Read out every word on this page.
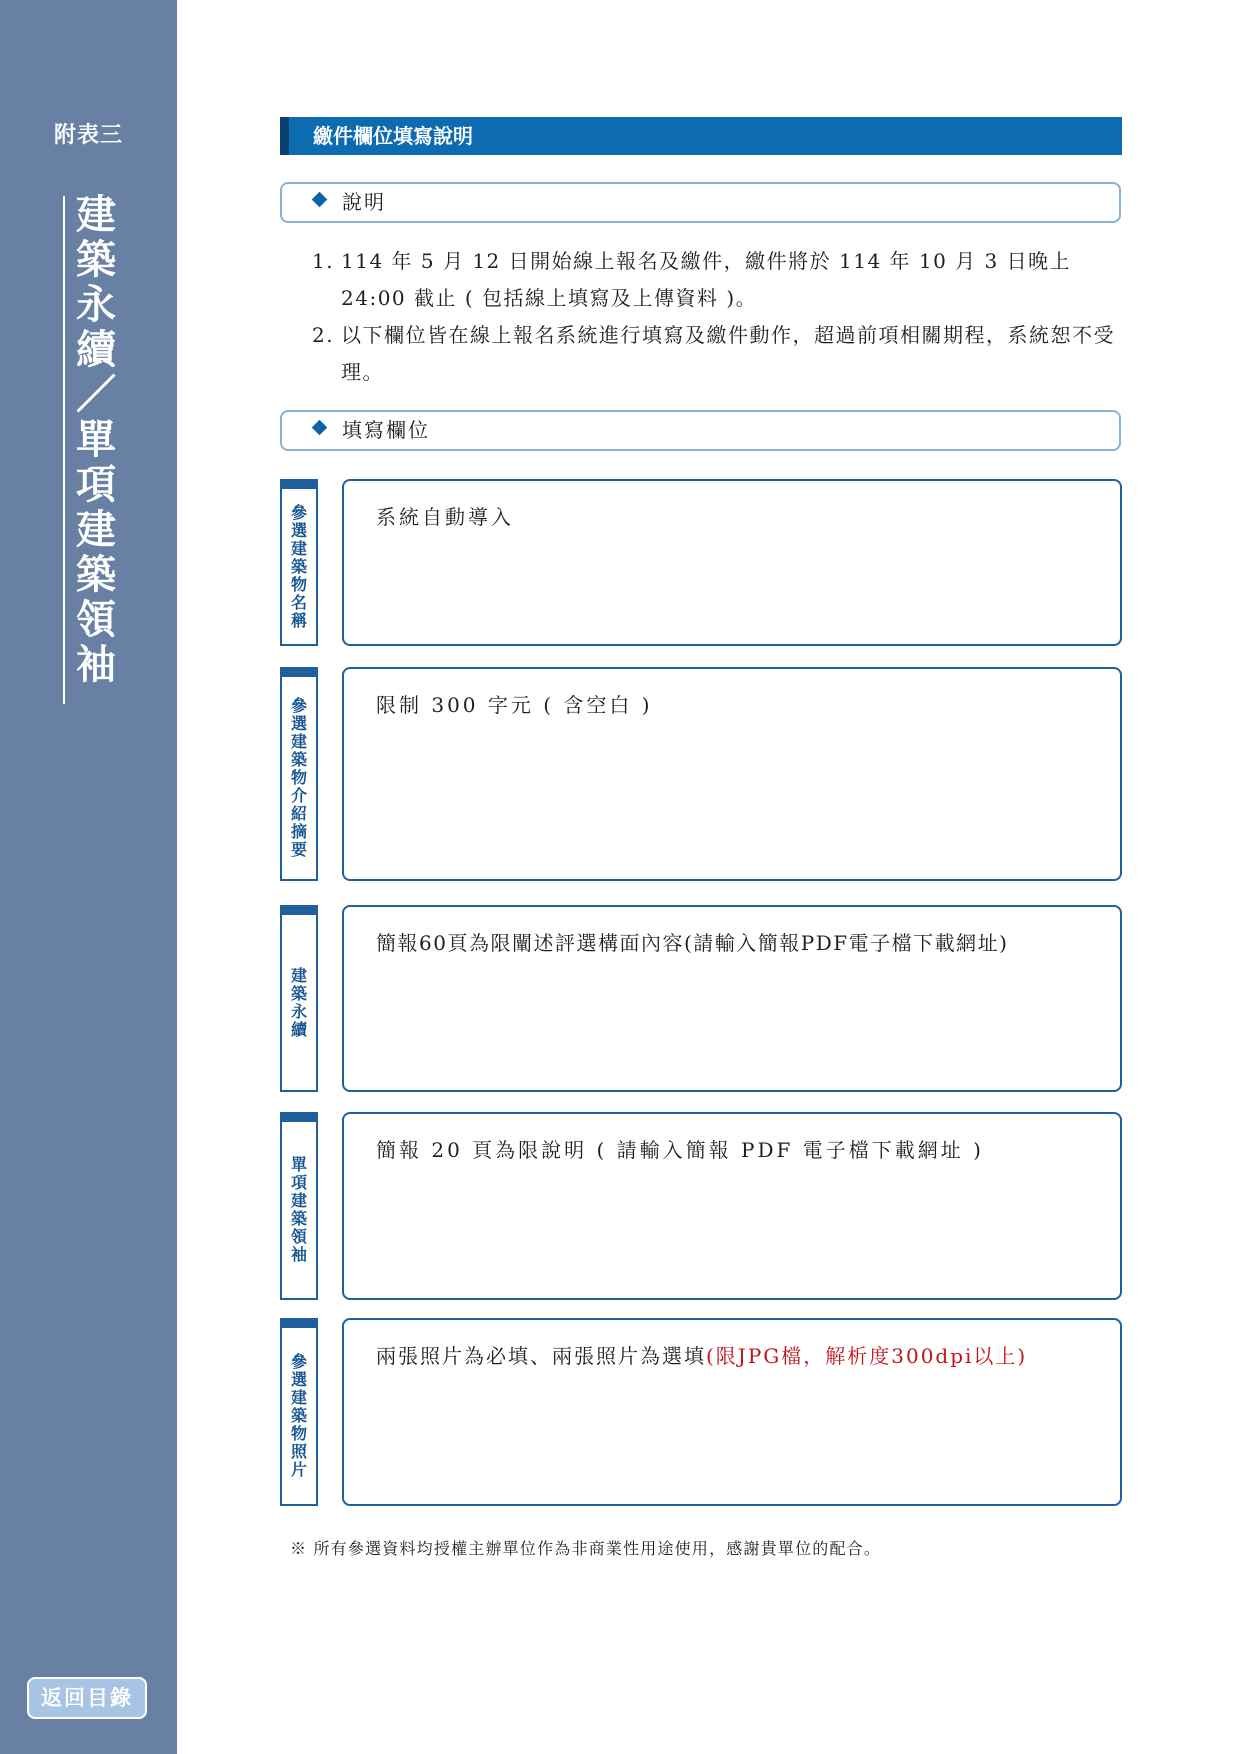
附表三
建
築
永
續
／
單
項
建
築
領
袖
返回目錄
繳件欄位填寫說明
說明
1. 114 年 5 月 12 日開始線上報名及繳件，繳件將於 114 年 10 月 3 日晚上 24:00 截止 ( 包括線上填寫及上傳資料 )。
2. 以下欄位皆在線上報名系統進行填寫及繳件動作，超過前項相關期程，系統恕不受理。
填寫欄位
參
選
建
築
物
名
稱
系統自動導入
參
選
建
築
物
介
紹
摘
要
限制 300 字元 ( 含空白 )
建
築
永
續
簡報60頁為限闡述評選構面內容(請輸入簡報PDF電子檔下載網址)
單
項
建
築
領
袖
簡報 20 頁為限說明 ( 請輸入簡報 PDF 電子檔下載網址 )
參
選
建
築
物
照
片
兩張照片為必填、兩張照片為選填(限JPG檔，解析度300dpi以上)
※ 所有參選資料均授權主辦單位作為非商業性用途使用，感謝貴單位的配合。
